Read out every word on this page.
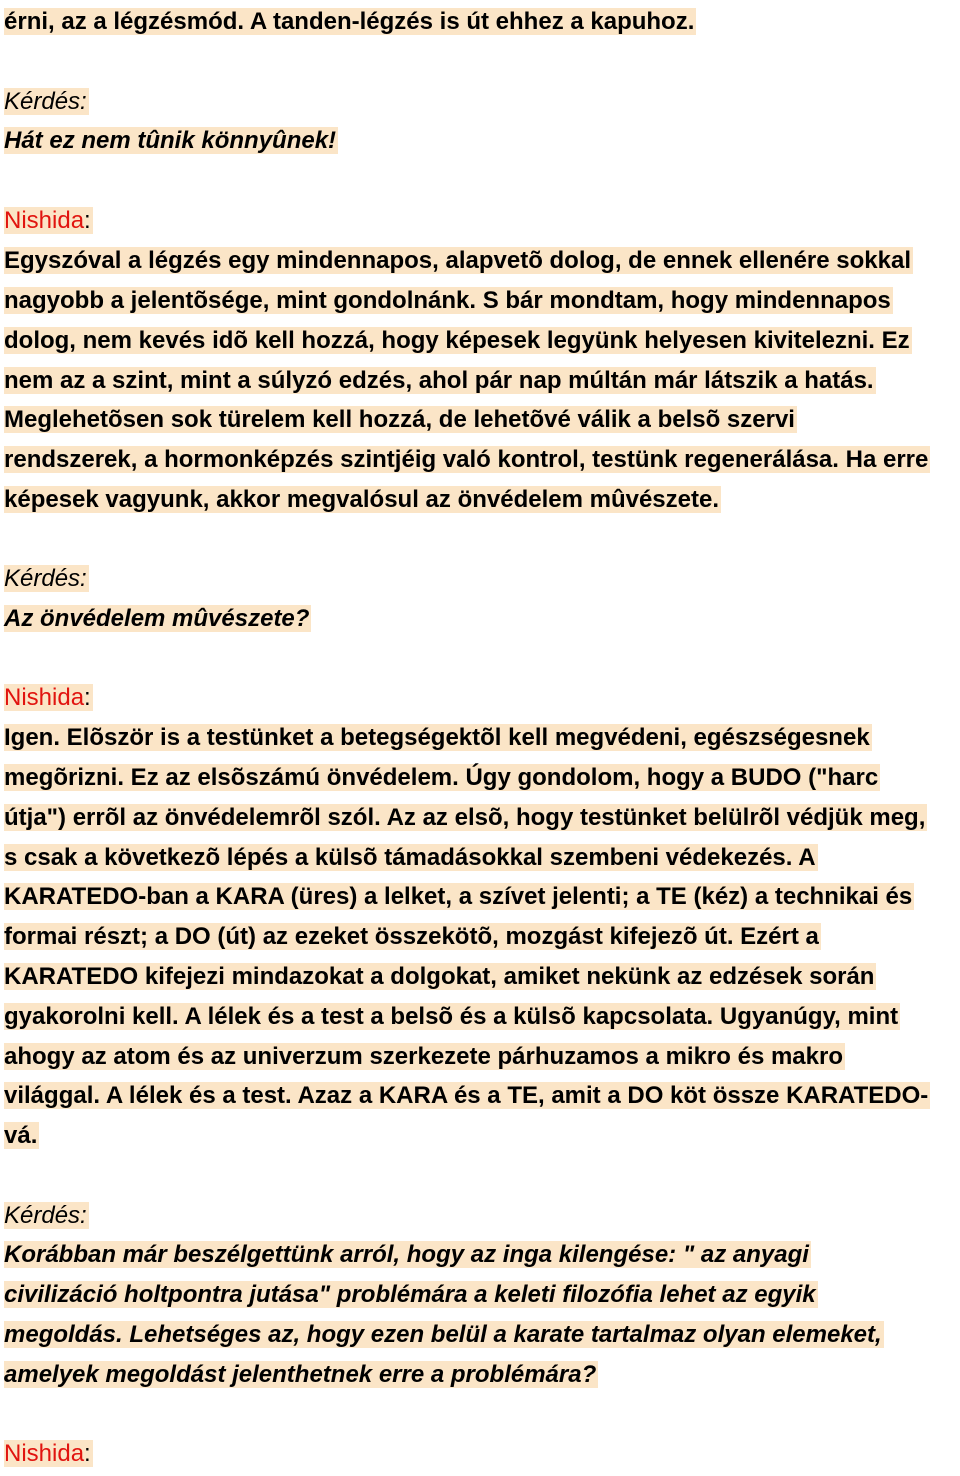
érni, az a légzésmód. A tanden-légzés is út ehhez a kapuhoz.
Kérdés:
Hát ez nem tûnik könnyûnek!
Nishida:
Egyszóval a légzés egy mindennapos, alapvetõ dolog, de ennek ellenére sokkal
nagyobb a jelentõsége, mint gondolnánk. S bár mondtam, hogy mindennapos
dolog, nem kevés idõ kell hozzá, hogy képesek legyünk helyesen kivitelezni. Ez
nem az a szint, mint a súlyzó edzés, ahol pár nap múltán már látszik a hatás.
Meglehetõsen sok türelem kell hozzá, de lehetõvé válik a belsõ szervi
rendszerek, a hormonképzés szintjéig való kontrol, testünk regenerálása. Ha erre
képesek vagyunk, akkor megvalósul az önvédelem mûvészete.
Kérdés:
Az önvédelem mûvészete?
Nishida:
Igen. Elõször is a testünket a betegségektõl kell megvédeni, egészségesnek
megõrizni. Ez az elsõszámú önvédelem. Úgy gondolom, hogy a BUDO ("harc
útja") errõl az önvédelemrõl szól. Az az elsõ, hogy testünket belülrõl védjük meg,
s csak a következõ lépés a külsõ támadásokkal szembeni védekezés. A
KARATEDO-ban a KARA (üres) a lelket, a szívet jelenti; a TE (kéz) a technikai és
formai részt; a DO (út) az ezeket összekötõ, mozgást kifejezõ út. Ezért a
KARATEDO kifejezi mindazokat a dolgokat, amiket nekünk az edzések során
gyakorolni kell. A lélek és a test a belsõ és a külsõ kapcsolata. Ugyanúgy, mint
ahogy az atom és az univerzum szerkezete párhuzamos a mikro és makro
világgal. A lélek és a test. Azaz a KARA és a TE, amit a DO köt össze KARATEDO-
vá.
Kérdés:
Korábban már beszélgettünk arról, hogy az inga kilengése: " az anyagi
civilizáció holtpontra jutása" problémára a keleti filozófia lehet az egyik
megoldás. Lehetséges az, hogy ezen belül a karate tartalmaz olyan elemeket,
amelyek megoldást jelenthetnek erre a problémára?
Nishida:
